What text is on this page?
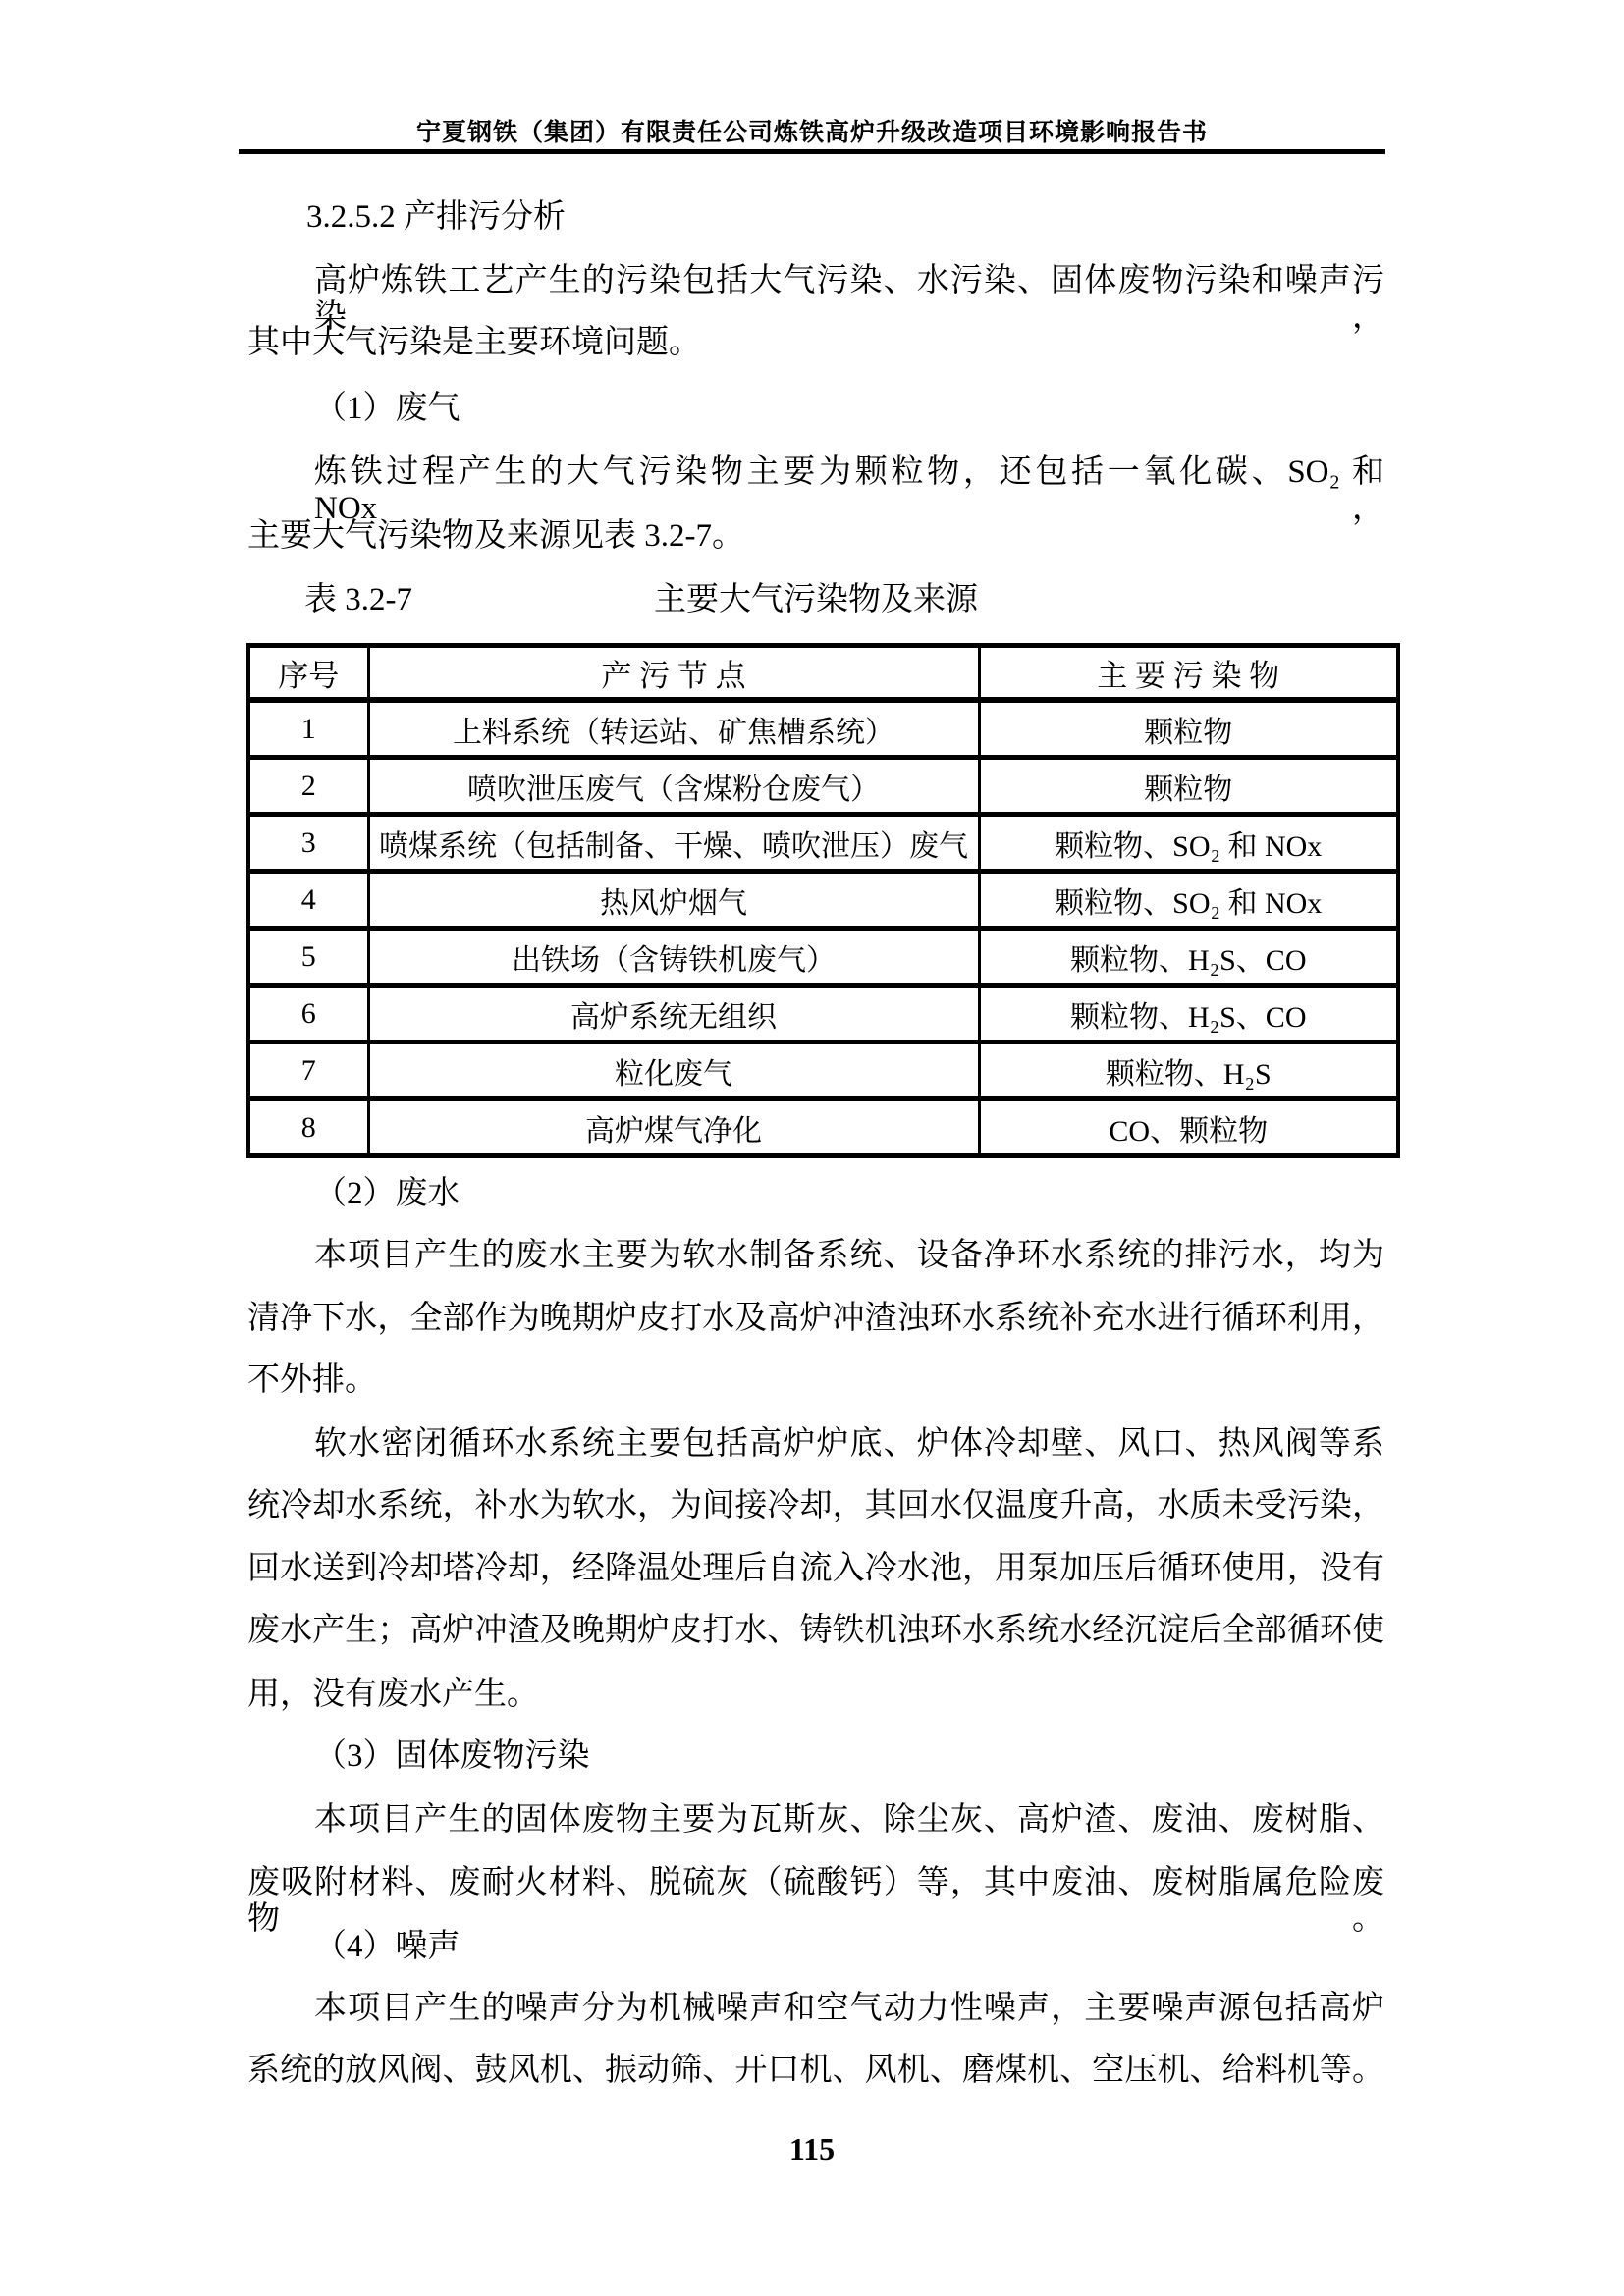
宁夏钢铁（集团）有限责任公司炼铁高炉升级改造项目环境影响报告书
3.2.5.2 产排污分析
高炉炼铁工艺产生的污染包括大气污染、水污染、固体废物污染和噪声污染，
其中大气污染是主要环境问题。
（1）废气
炼铁过程产生的大气污染物主要为颗粒物，还包括一氧化碳、SO₂ 和 NOx，
主要大气污染物及来源见表 3.2-7。
主要大气污染物及来源
表 3.2-7
序号	产 污 节 点	主 要 污 染 物
1	上料系统（转运站、矿焦槽系统）	颗粒物
2	喷吹泄压废气（含煤粉仓废气）	颗粒物
3	喷煤系统（包括制备、干燥、喷吹泄压）废气	颗粒物、SO₂ 和 NOx
4	热风炉烟气	颗粒物、SO₂ 和 NOx
5	出铁场（含铸铁机废气）	颗粒物、H₂S、CO
6	高炉系统无组织	颗粒物、H₂S、CO
7	粒化废气	颗粒物、H₂S
8	高炉煤气净化	CO、颗粒物
（2）废水
本项目产生的废水主要为软水制备系统、设备净环水系统的排污水，均为
清净下水，全部作为晚期炉皮打水及高炉冲渣浊环水系统补充水进行循环利用，
不外排。
软水密闭循环水系统主要包括高炉炉底、炉体冷却壁、风口、热风阀等系
统冷却水系统，补水为软水，为间接冷却，其回水仅温度升高，水质未受污染，
回水送到冷却塔冷却，经降温处理后自流入冷水池，用泵加压后循环使用，没有
废水产生；高炉冲渣及晚期炉皮打水、铸铁机浊环水系统水经沉淀后全部循环使
用，没有废水产生。
（3）固体废物污染
本项目产生的固体废物主要为瓦斯灰、除尘灰、高炉渣、废油、废树脂、
废吸附材料、废耐火材料、脱硫灰（硫酸钙）等，其中废油、废树脂属危险废物。
（4）噪声
本项目产生的噪声分为机械噪声和空气动力性噪声，主要噪声源包括高炉
系统的放风阀、鼓风机、振动筛、开口机、风机、磨煤机、空压机、给料机等。
115
